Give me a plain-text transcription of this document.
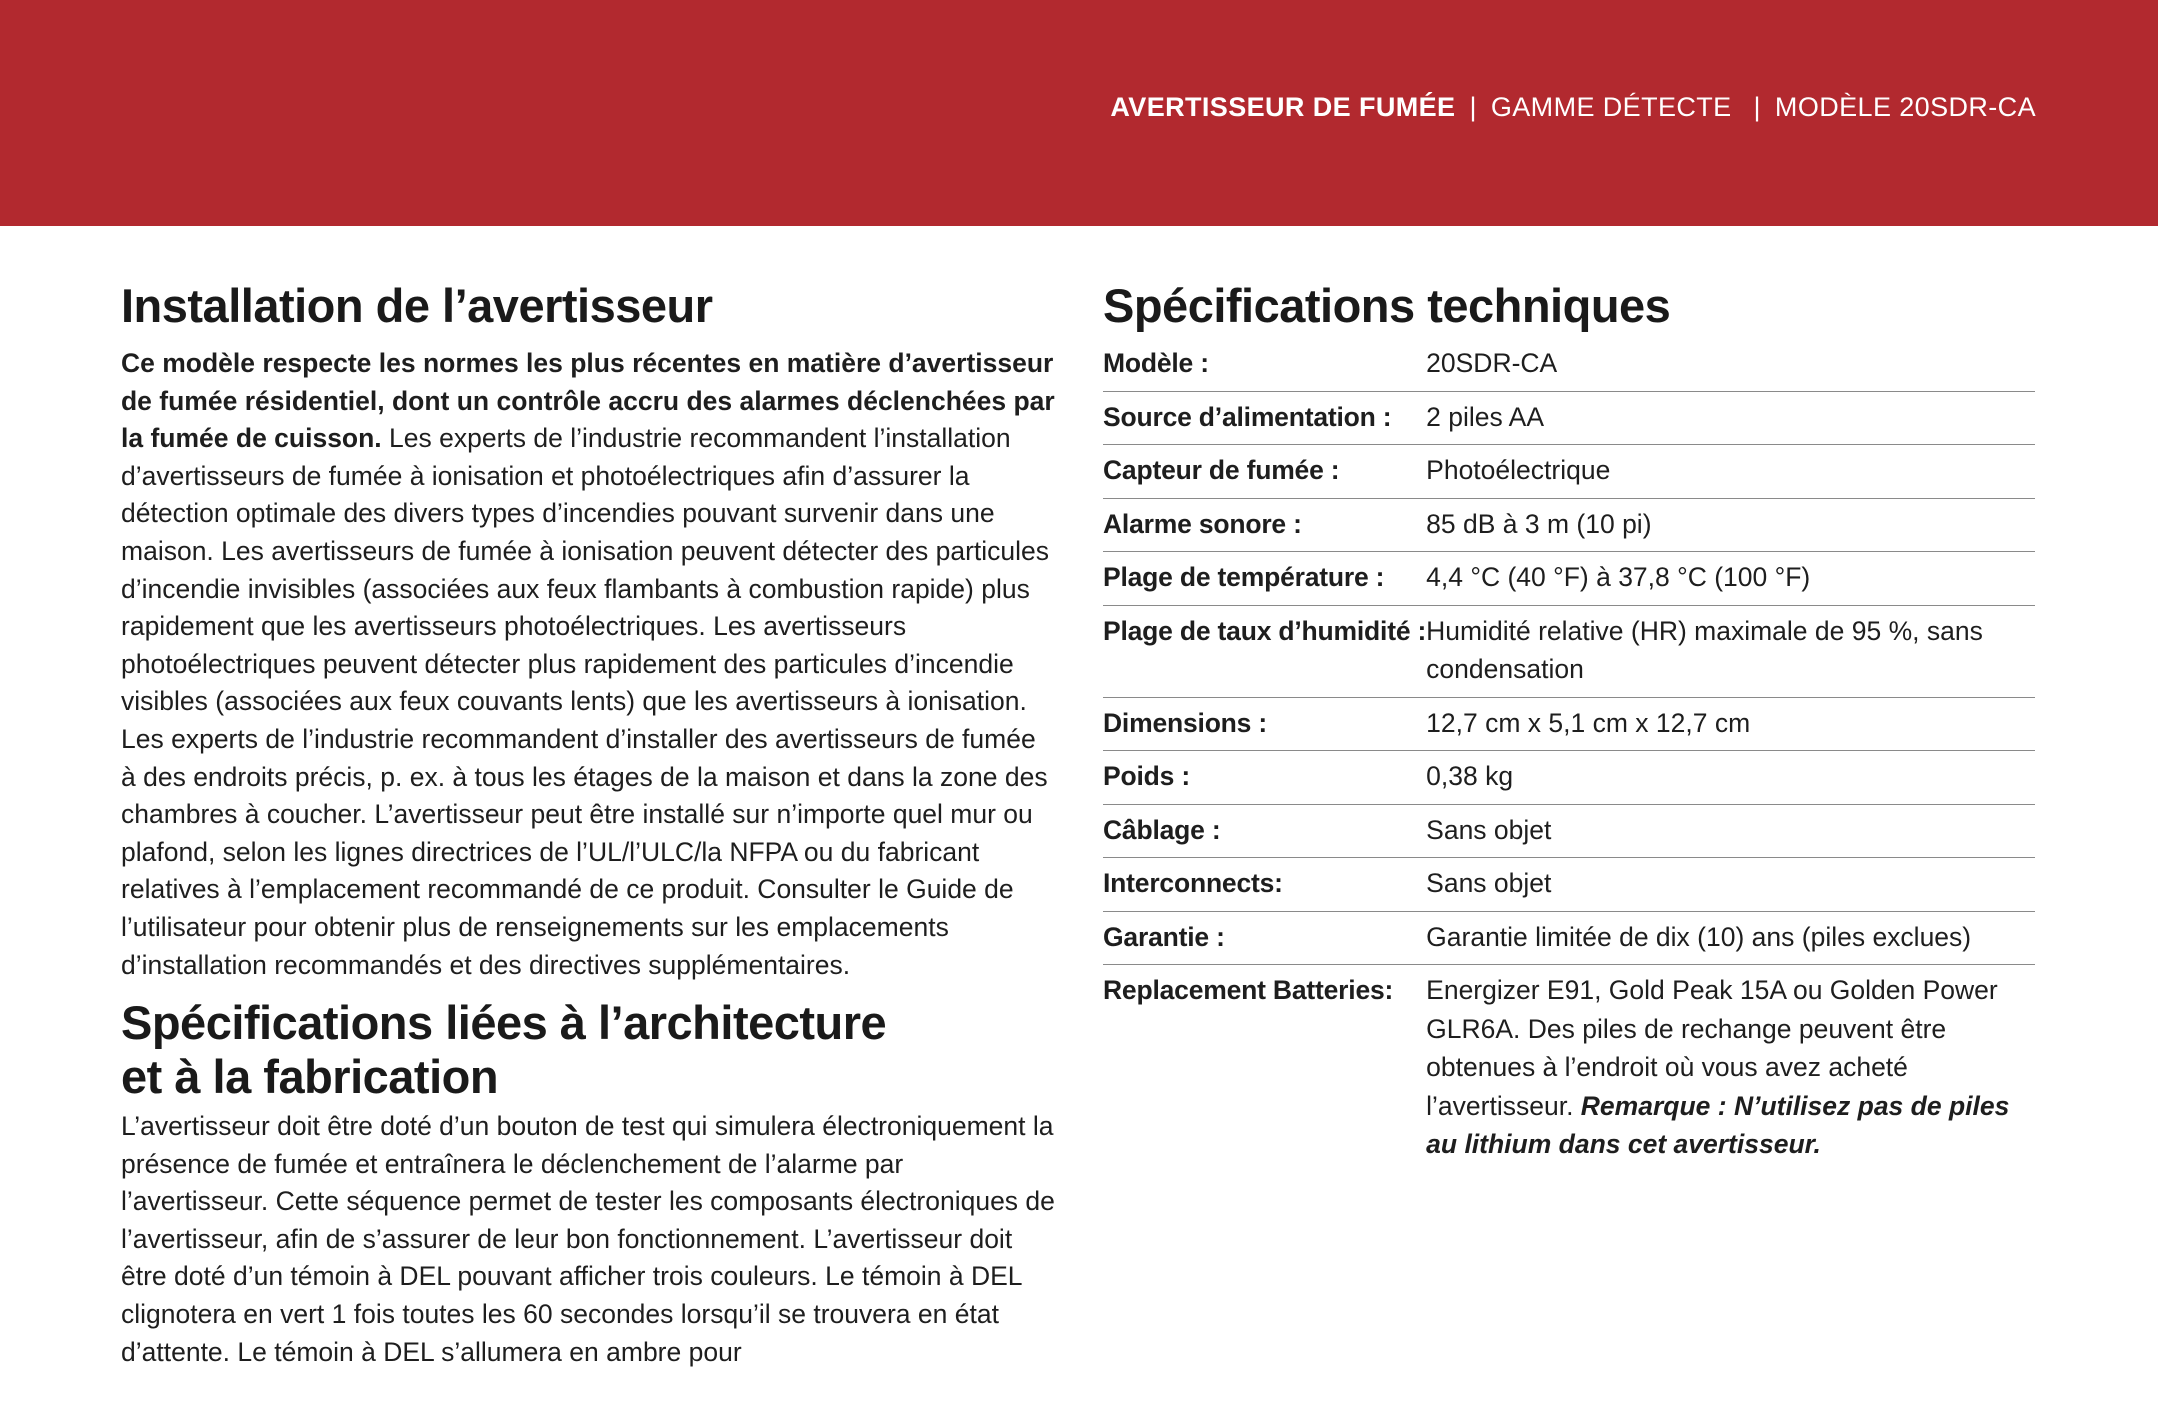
AVERTISSEUR DE FUMÉE | GAMME DÉTECTE | MODÈLE 20SDR-CA
Installation de l’avertisseur

Ce modèle respecte les normes les plus récentes en matière d’avertisseur de fumée résidentiel, dont un contrôle accru des alarmes déclenchées par la fumée de cuisson. Les experts de l’industrie recommandent l’installation d’avertisseurs de fumée à ionisation et photoélectriques afin d’assurer la détection optimale des divers types d’incendies pouvant survenir dans une maison. Les avertisseurs de fumée à ionisation peuvent détecter des particules d’incendie invisibles (associées aux feux flambants à combustion rapide) plus rapidement que les avertisseurs photoélectriques. Les avertisseurs photoélectriques peuvent détecter plus rapidement des particules d’incendie visibles (associées aux feux couvants lents) que les avertisseurs à ionisation. Les experts de l’industrie recommandent d’installer des avertisseurs de fumée à des endroits précis, p. ex. à tous les étages de la maison et dans la zone des chambres à coucher. L’avertisseur peut être installé sur n’importe quel mur ou plafond, selon les lignes directrices de l’UL/l’ULC/la NFPA ou du fabricant relatives à l’emplacement recommandé de ce produit. Consulter le Guide de l’utilisateur pour obtenir plus de renseignements sur les emplacements d’installation recommandés et des directives supplémentaires.

Spécifications liées à l’architecture
et à la fabrication

L’avertisseur doit être doté d’un bouton de test qui simulera électroniquement la présence de fumée et entraînera le déclenchement de l’alarme par l’avertisseur. Cette séquence permet de tester les composants électroniques de l’avertisseur, afin de s’assurer de leur bon fonctionnement. L’avertisseur doit être doté d’un témoin à DEL pouvant afficher trois couleurs. Le témoin à DEL clignotera en vert 1 fois toutes les 60 secondes lorsqu’il se trouvera en état d’attente. Le témoin à DEL s’allumera en ambre pour

Spécifications techniques
Modèle :	20SDR-CA
Source d’alimentation :	2 piles AA
Capteur de fumée :	Photoélectrique
Alarme sonore :	85 dB à 3 m (10 pi)
Plage de température :	4,4 °C (40 °F) à 37,8 °C (100 °F)
Plage de taux d’humidité :	Humidité relative (HR) maximale de 95 %, sans condensation
Dimensions :	12,7 cm x 5,1 cm x 12,7 cm
Poids :	0,38 kg
Câblage :	Sans objet
Interconnects:	Sans objet
Garantie :	Garantie limitée de dix (10) ans (piles exclues)
Replacement Batteries:	Energizer E91, Gold Peak 15A ou Golden Power GLR6A. Des piles de rechange peuvent être obtenues à l’endroit où vous avez acheté l’avertisseur. Remarque : N’utilisez pas de piles au lithium dans cet avertisseur.
